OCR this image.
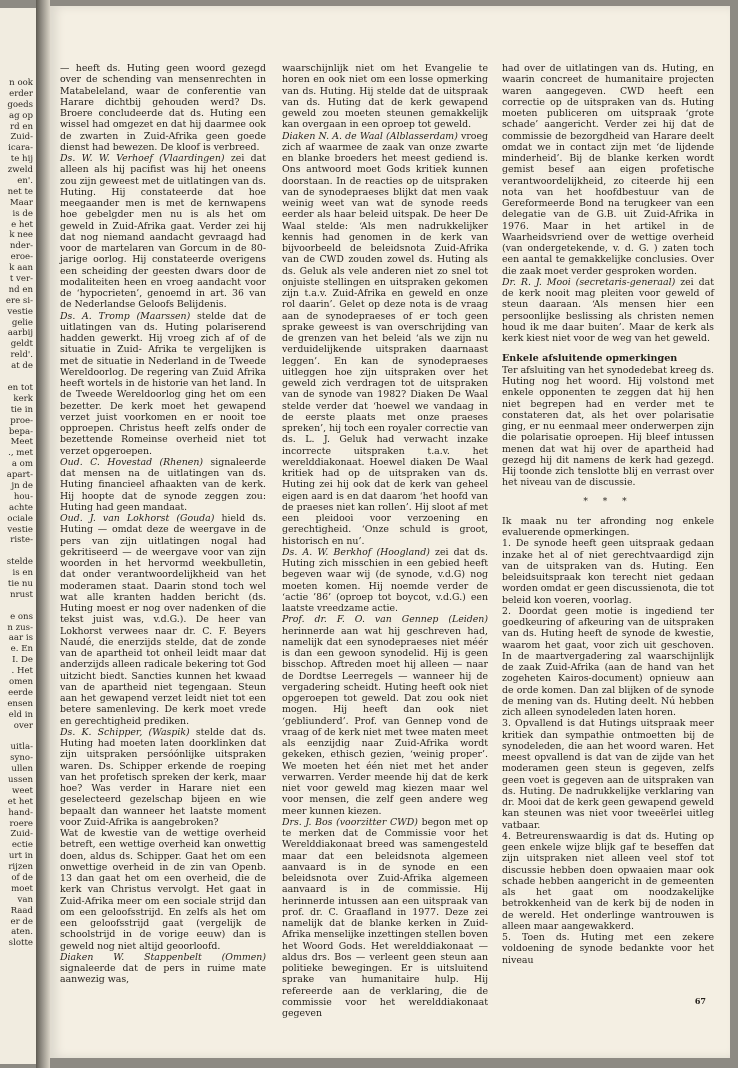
n ook
erder
goeds
ag op
rd en
Zuid-
icara-
te hij
zweld
en'.
net te
Maar
is de
e het
k nee
nder-
eroe-
k aan
t ver-
nd en
ere si-
vestie
gelie
aarbij
geldt
reld'.
at de
en tot
kerk
tie in
proe-
bepa-
Meet
., met
a om
apart-
jn de
hou-
achte
ociale
vestie
riste-
stelde
is en
tie nu
nrust
e ons
n zus-
aar is
e. En
I. De
. Het
omen
eerde
ensen
eld in
over
uitla-
syno-
ullen
ussen
weet
et het
hand-
roere
Zuid-
ectie
urt in
rijzen
of de
moet
van
Raad
er de
aten.
slotte

— heeft ds. Huting geen woord gezegd over de schending van mensenrechten in Matabeleland, waar de conferentie van Harare dichtbij gehouden werd? Ds. Broere concludeerde dat ds. Huting een wissel had omgezet en dat hij daarmee ook de zwarten in Zuid-Afrika geen goede dienst had bewezen. De kloof is verbreed.

Ds. W. W. Verhoef (Vlaardingen) zei dat alleen als hij pacifist was hij het oneens zou zijn geweest met de uitlatingen van ds. Huting. Hij constateerde dat hoe meegaander men is met de kernwapens hoe gebelgder men nu is als het om geweld in Zuid-Afrika gaat. Verder zei hij dat nog niemand aandacht gevraagd had voor de martelaren van Gorcum in de 80-jarige oorlog. Hij constateerde overigens een scheiding der geesten dwars door de modaliteiten heen en vroeg aandacht voor de ‘hypocrieten’, genoemd in art. 36 van de Nederlandse Geloofs Belijdenis.

Ds. A. Tromp (Maarssen) stelde dat de uitlatingen van ds. Huting polariserend hadden gewerkt. Hij vroeg zich af of de situatie in Zuid- Afrika te vergelijken is met de situatie in Nederland in de Tweede Wereldoorlog. De regering van Zuid Afrika heeft wortels in de historie van het land. In de Tweede Wereldoorlog ging het om een bezetter. De kerk moet het gewapend verzet juist voorkomen en er nooit toe opproepen. Christus heeft zelfs onder de bezettende Romeinse overheid niet tot verzet opgeroepen.

Oud. C. Hovestad (Rhenen) signaleerde dat mensen na de uitlatingen van ds. Huting financieel afhaakten van de kerk. Hij hoopte dat de synode zeggen zou: Huting had geen mandaat.

Oud. J. van Lokhorst (Gouda) hield ds. Huting — omdat deze de weergave in de pers van zijn uitlatingen nogal had gekritiseerd — de weergave voor van zijn woorden in het hervormd weekbulletin, dat onder verantwoordelijkheid van het moderamen staat. Daarin stond toch wel wat alle kranten hadden bericht (ds. Huting moest er nog over nadenken of die tekst juist was, v.d.G.). De heer van Lokhorst verwees naar dr. C. F. Beyers Naudé, die enerzijds stelde, dat de zonde van de apartheid tot onheil leidt maar dat anderzijds alleen radicale bekering tot God uitzicht biedt. Sancties kunnen het kwaad van de apartheid niet tegengaan. Steun aan het gewapend verzet leidt niet tot een betere samenleving. De kerk moet vrede en gerechtigheid prediken.

Ds. K. Schipper, (Waspik) stelde dat ds. Huting had moeten laten doorklinken dat zijn uitspraken persóónlijke uitspraken waren. Ds. Schipper erkende de roeping van het profetisch spreken der kerk, maar hoe? Was verder in Harare niet een geselecteerd gezelschap bijeen en wie bepaalt dan wanneer het laatste moment voor Zuid-Afrika is aangebroken?

Wat de kwestie van de wettige overheid betreft, een wettige overheid kan onwettig doen, aldus ds. Schipper. Gaat het om een onwettige overheid in de zin van Openb. 13 dan gaat het om een overheid, die de kerk van Christus vervolgt. Het gaat in Zuid-Afrika meer om een sociale strijd dan om een geloofsstrijd. En zelfs als het om een geloofsstrijd gaat (vergelijk de schoolstrijd in de vorige eeuw) dan is geweld nog niet altijd geoorloofd.

Diaken W. Stappenbelt (Ommen) signaleerde dat de pers in ruime mate aanwezig was,

waarschijnlijk niet om het Evangelie te horen en ook niet om een losse opmerking van ds. Huting. Hij stelde dat de uitspraak van ds. Huting dat de kerk gewapend geweld zou moeten steunen gemakkelijk kan overgaan in een oproep tot geweld.

Diaken N. A. de Waal (Alblasserdam) vroeg zich af waarmee de zaak van onze zwarte en blanke broeders het meest gediend is. Ons antwoord moet Gods kritiek kunnen doorstaan. In de reacties op de uitspraken van de synodepraeses blijkt dat men vaak weinig weet van wat de synode reeds eerder als haar beleid uitspak. De heer De Waal stelde: ‘Als men nadrukkelijker kennis had genomen in de kerk van bijvoorbeeld de beleidsnota Zuid-Afrika van de CWD zouden zowel ds. Huting als ds. Geluk als vele anderen niet zo snel tot onjuiste stellingen en uitspraken gekomen zijn t.a.v. Zuid-Afrika en geweld en onze rol daarin’. Gelet op deze nota is de vraag aan de synodepraeses of er toch geen sprake geweest is van overschrijding van de grenzen van het beleid ‘als we zijn nu verduidelijkende uitspraken daarnaast leggen’. En kan de synodepraeses uitleggen hoe zijn uitspraken over het geweld zich verdragen tot de uitspraken van de synode van 1982? Diaken De Waal stelde verder dat ‘hoewel we vandaag in de eerste plaats met onze praeses spreken’, hij toch een royaler correctie van ds. L. J. Geluk had verwacht inzake incorrecte uitspraken t.a.v. het werelddiakonaat. Hoewel diaken De Waal kritiek had op de uitspraken van ds. Huting zei hij ook dat de kerk van geheel eigen aard is en dat daarom ‘het hoofd van de praeses niet kan rollen’. Hij sloot af met een pleidooi voor verzoening en gerechtigheid. ‘Onze schuld is groot, historisch en nu’.

Ds. A. W. Berkhof (Hoogland) zei dat ds. Huting zich misschien in een gebied heeft begeven waar wij (de synode, v.d.G) nog moeten komen. Hij noemde verder de ‘actie ’86’ (oproep tot boycot, v.d.G.) een laatste vreedzame actie.

Prof. dr. F. O. van Gennep (Leiden) herinnerde aan wat hij geschreven had, namelijk dat een synodepraeses niet méér is dan een gewoon synodelid. Hij is geen bisschop. Aftreden moet hij alleen — naar de Dordtse Leerregels — wanneer hij de vergadering scheidt. Huting heeft ook niet opgeroepen tot geweld. Dat zou ook niet mogen. Hij heeft dan ook niet ‘gebliunderd’. Prof. van Gennep vond de vraag of de kerk niet met twee maten meet als eenzijdig naar Zuid-Afrika wordt gekeken, ethisch gezien, ‘weinig proper’. We moeten het één niet met het ander verwarren. Verder meende hij dat de kerk niet voor geweld mag kiezen maar wel voor mensen, die zelf geen andere weg meer kunnen kiezen.

Drs. J. Bos (voorzitter CWD) begon met op te merken dat de Commissie voor het Werelddiakonaat breed was samengesteld maar dat een beleidsnota algemeen aanvaard is in de synode en een beleidsnota over Zuid-Afrika algemeen aanvaard is in de commissie. Hij herinnerde intussen aan een uitspraak van prof. dr. C. Graafland in 1977. Deze zei namelijk dat de blanke kerken in Zuid-Afrika menselijke inzettingen stellen boven het Woord Gods. Het werelddiakonaat — aldus drs. Bos — verleent geen steun aan politieke bewegingen. Er is uitsluitend sprake van humanitaire hulp. Hij refereerde aan de verklaring, die de commissie voor het werelddiakonaat gegeven

had over de uitlatingen van ds. Huting, en waarin concreet de humanitaire projecten waren aangegeven. CWD heeft een correctie op de uitspraken van ds. Huting moeten publiceren om uitspraak ‘grote schade’ aangericht. Verder zei hij dat de commissie de bezorgdheid van Harare deelt omdat we in contact zijn met ‘de lijdende minderheid’. Bij de blanke kerken wordt gemist besef aan eigen profetische verantwoordelijkheid, zo citeerde hij een nota van het hoofdbestuur van de Gereformeerde Bond na terugkeer van een delegatie van de G.B. uit Zuid-Afrika in 1976. Maar in het artikel in de Waarheidsvriend over de wettige overheid (van ondergetekende, v. d. G. ) zaten toch een aantal te gemakkelijke conclusies. Over die zaak moet verder gesproken worden.

Dr. R. J. Mooi (secretaris-generaal) zei dat de kerk nooit mag pleiten voor geweld of steun daaraan. ‘Als mensen hier een persoonlijke beslissing als christen nemen houd ik me daar buiten’. Maar de kerk als kerk kiest niet voor de weg van het geweld.

Enkele afsluitende opmerkingen

Ter afsluiting van het synodedebat kreeg ds. Huting nog het woord. Hij volstond met enkele opponenten te zeggen dat hij hen niet begrepen had en verder met te constateren dat, als het over polarisatie ging, er nu eenmaal meer onderwerpen zijn die polarisatie oproepen. Hij bleef intussen menen dat wat hij over de apartheid had gezegd hij dit namens de kerk had gezegd. Hij toonde zich tenslotte blij en verrast over het niveau van de discussie.

* * *

Ik maak nu ter afronding nog enkele evaluerende opmerkingen.

1. De synode heeft geen uitspraak gedaan inzake het al of niet gerechtvaardigd zijn van de uitspraken van ds. Huting. Een beleidsuitspraak kon terecht niet gedaan worden omdat er geen discussienota, die tot beleid kon voeren, voorlag.

2. Doordat geen motie is ingediend ter goedkeuring of afkeuring van de uitspraken van ds. Huting heeft de synode de kwestie, waarom het gaat, voor zich uit geschoven. In de maartvergadering zal waarschijnlijk de zaak Zuid-Afrika (aan de hand van het zogeheten Kairos-document) opnieuw aan de orde komen. Dan zal blijken of de synode de mening van ds. Huting deelt. Nú hebben zich alleen synodeleden laten horen.

3. Opvallend is dat Hutings uitspraak meer kritiek dan sympathie ontmoetten bij de synodeleden, die aan het woord waren. Het meest opvallend is dat van de zijde van het moderamen geen steun is gegeven, zelfs geen voet is gegeven aan de uitspraken van ds. Huting. De nadrukkelijke verklaring van dr. Mooi dat de kerk geen gewapend geweld kan steunen was niet voor tweeërlei uitleg vatbaar.

4. Betreurenswaardig is dat ds. Huting op geen enkele wijze blijk gaf te beseffen dat zijn uitspraken niet alleen veel stof tot discussie hebben doen opwaaien maar ook schade hebben aangericht in de gemeenten als het gaat om noodzakelijke betrokkenheid van de kerk bij de noden in de wereld. Het onderlinge wantrouwen is alleen maar aangewakkerd.

5. Toen ds. Huting met een zekere voldoening de synode bedankte voor het niveau

67
